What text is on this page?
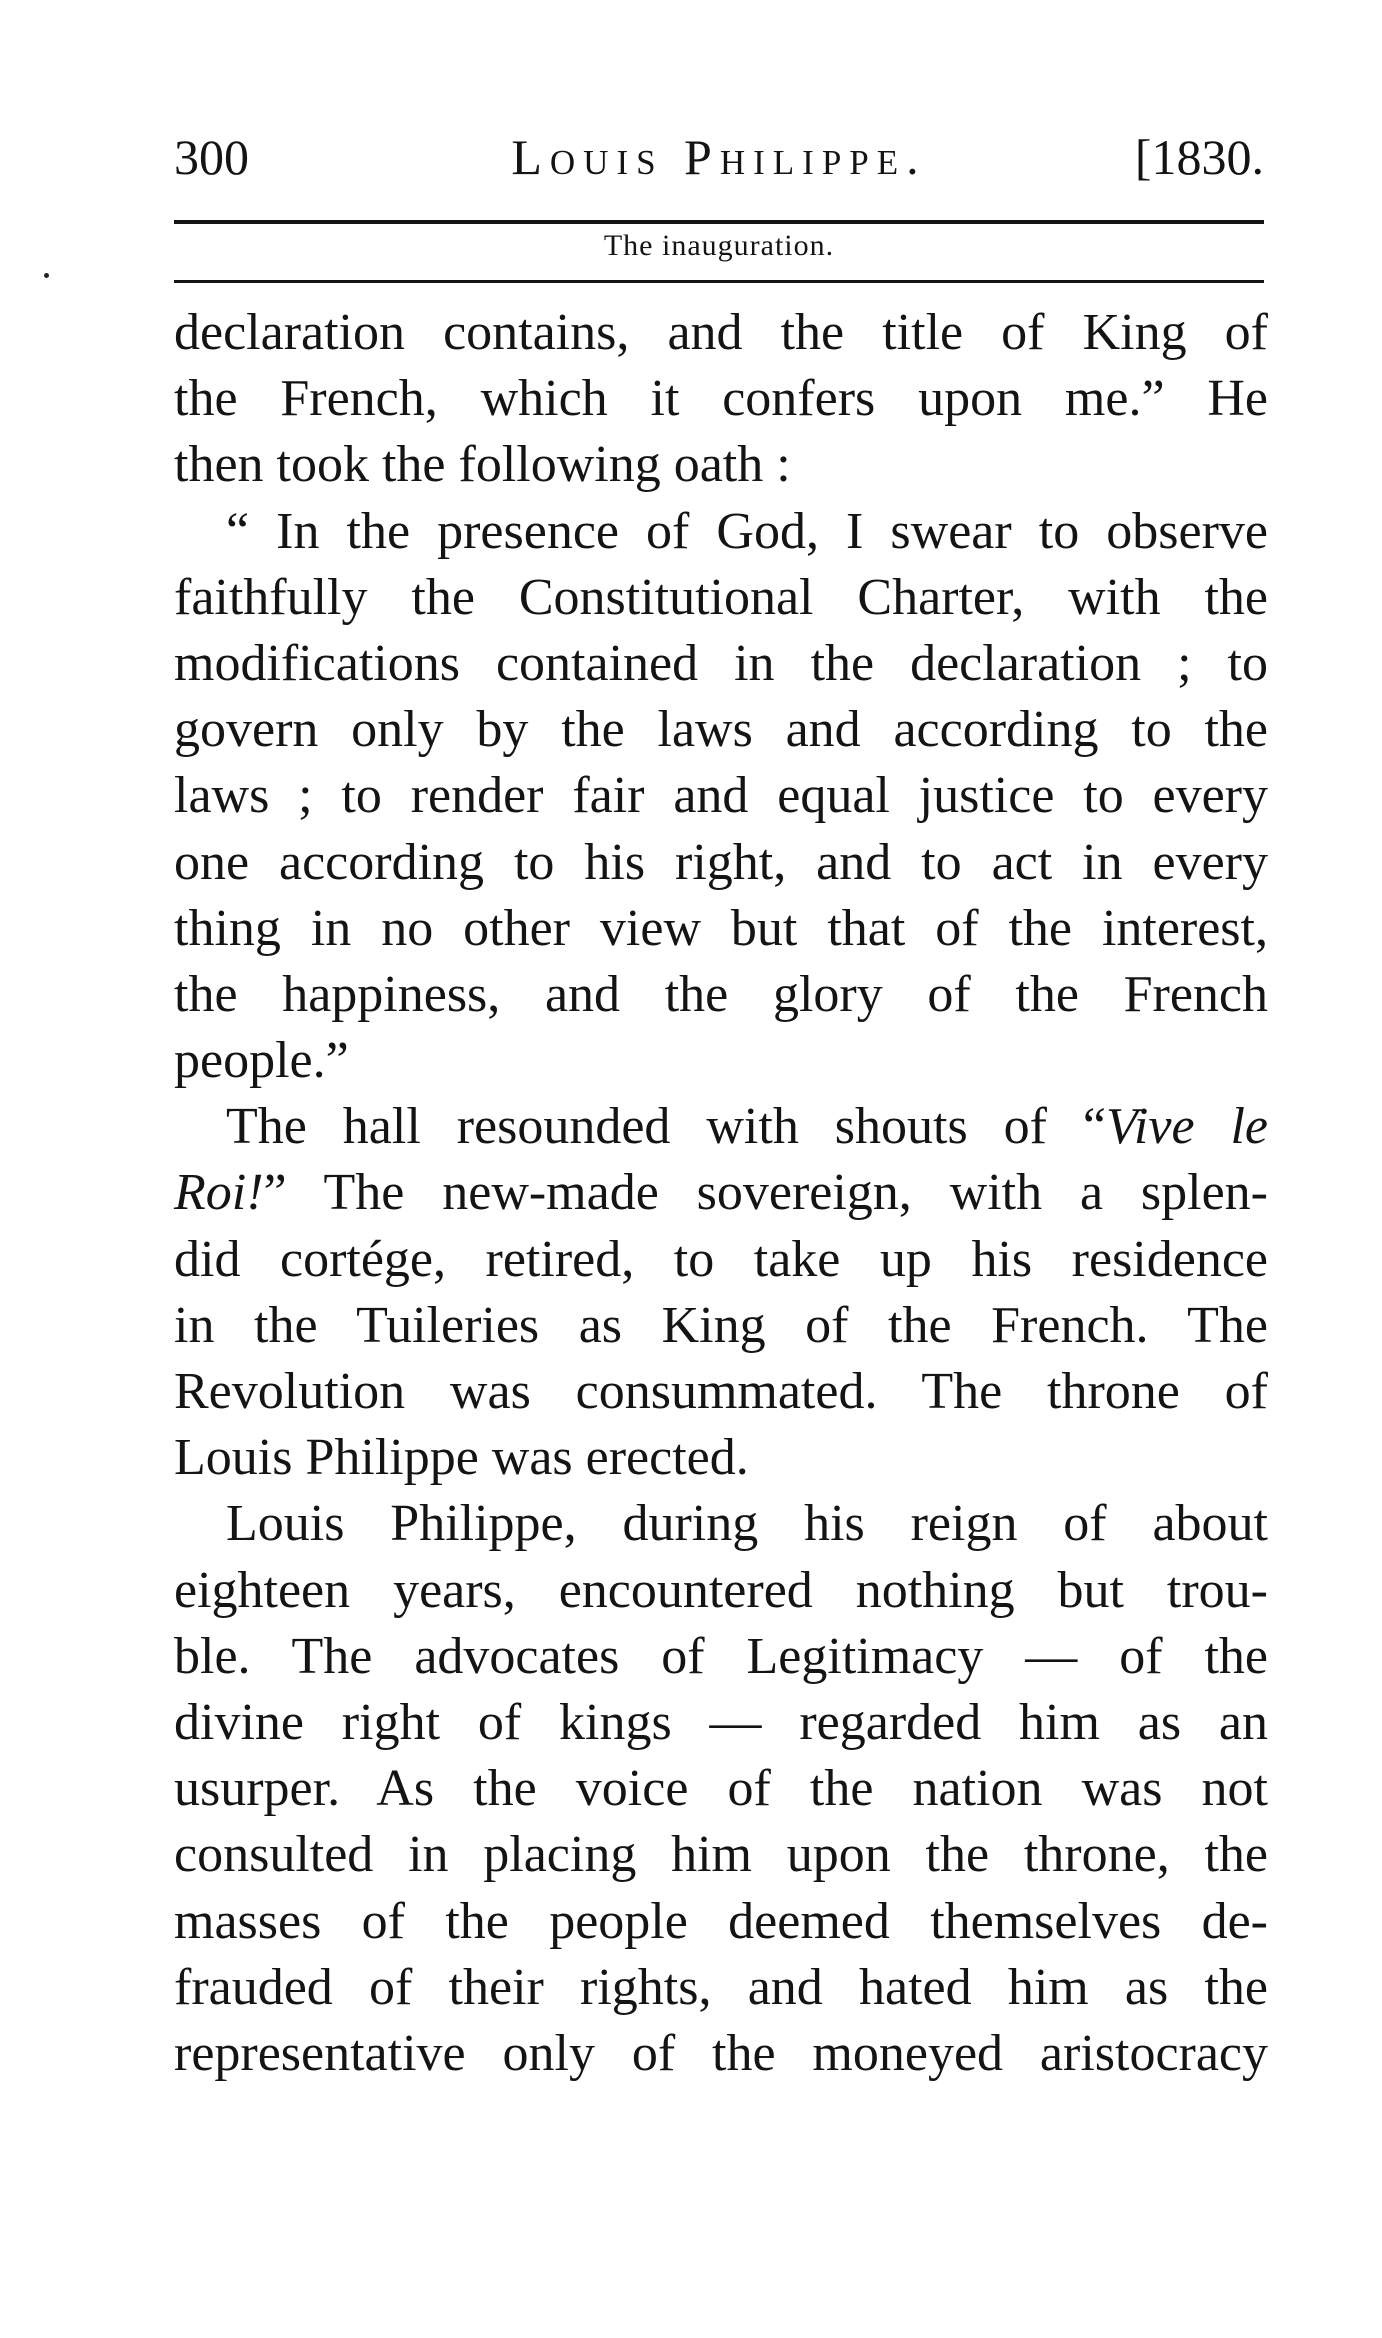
300	Louis Philippe.	[1830.
The inauguration.
declaration contains, and the title of King of
the French, which it confers upon me.” He
then took the following oath :
“ In the presence of God, I swear to observe
faithfully the Constitutional Charter, with the
modifications contained in the declaration ; to
govern only by the laws and according to the
laws ; to render fair and equal justice to every
one according to his right, and to act in every
thing in no other view but that of the interest,
the happiness, and the glory of the French
people.”
The hall resounded with shouts of “Vive le
Roi!” The new-made sovereign, with a splen-
did cortége, retired, to take up his residence
in the Tuileries as King of the French. The
Revolution was consummated. The throne of
Louis Philippe was erected.
Louis Philippe, during his reign of about
eighteen years, encountered nothing but trou-
ble. The advocates of Legitimacy — of the
divine right of kings — regarded him as an
usurper. As the voice of the nation was not
consulted in placing him upon the throne, the
masses of the people deemed themselves de-
frauded of their rights, and hated him as the
representative only of the moneyed aristocracy
